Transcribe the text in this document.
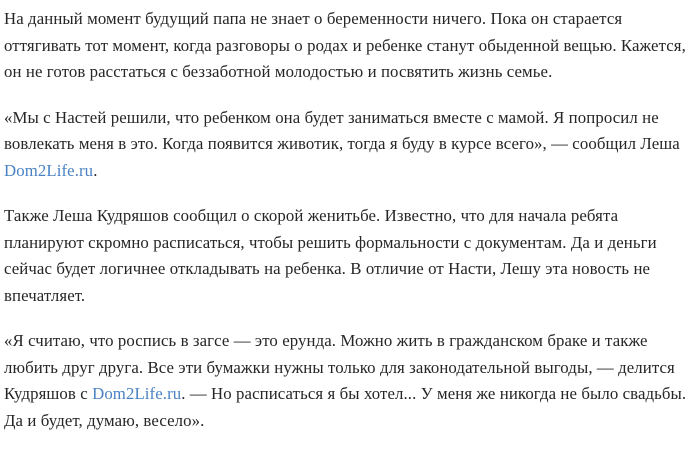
На данный момент будущий папа не знает о беременности ничего. Пока он старается оттягивать тот момент, когда разговоры о родах и ребенке станут обыденной вещью. Кажется, он не готов расстаться с беззаботной молодостью и посвятить жизнь семье.

«Мы с Настей решили, что ребенком она будет заниматься вместе с мамой. Я попросил не вовлекать меня в это. Когда появится животик, тогда я буду в курсе всего», — сообщил Леша Dom2Life.ru.

Также Леша Кудряшов сообщил о скорой женитьбе. Известно, что для начала ребята планируют скромно расписаться, чтобы решить формальности с документам. Да и деньги сейчас будет логичнее откладывать на ребенка. В отличие от Насти, Лешу эта новость не впечатляет.

«Я считаю, что роспись в загсе — это ерунда. Можно жить в гражданском браке и также любить друг друга. Все эти бумажки нужны только для законодательной выгоды, — делится Кудряшов с Dom2Life.ru. — Но расписаться я бы хотел... У меня же никогда не было свадьбы. Да и будет, думаю, весело».
